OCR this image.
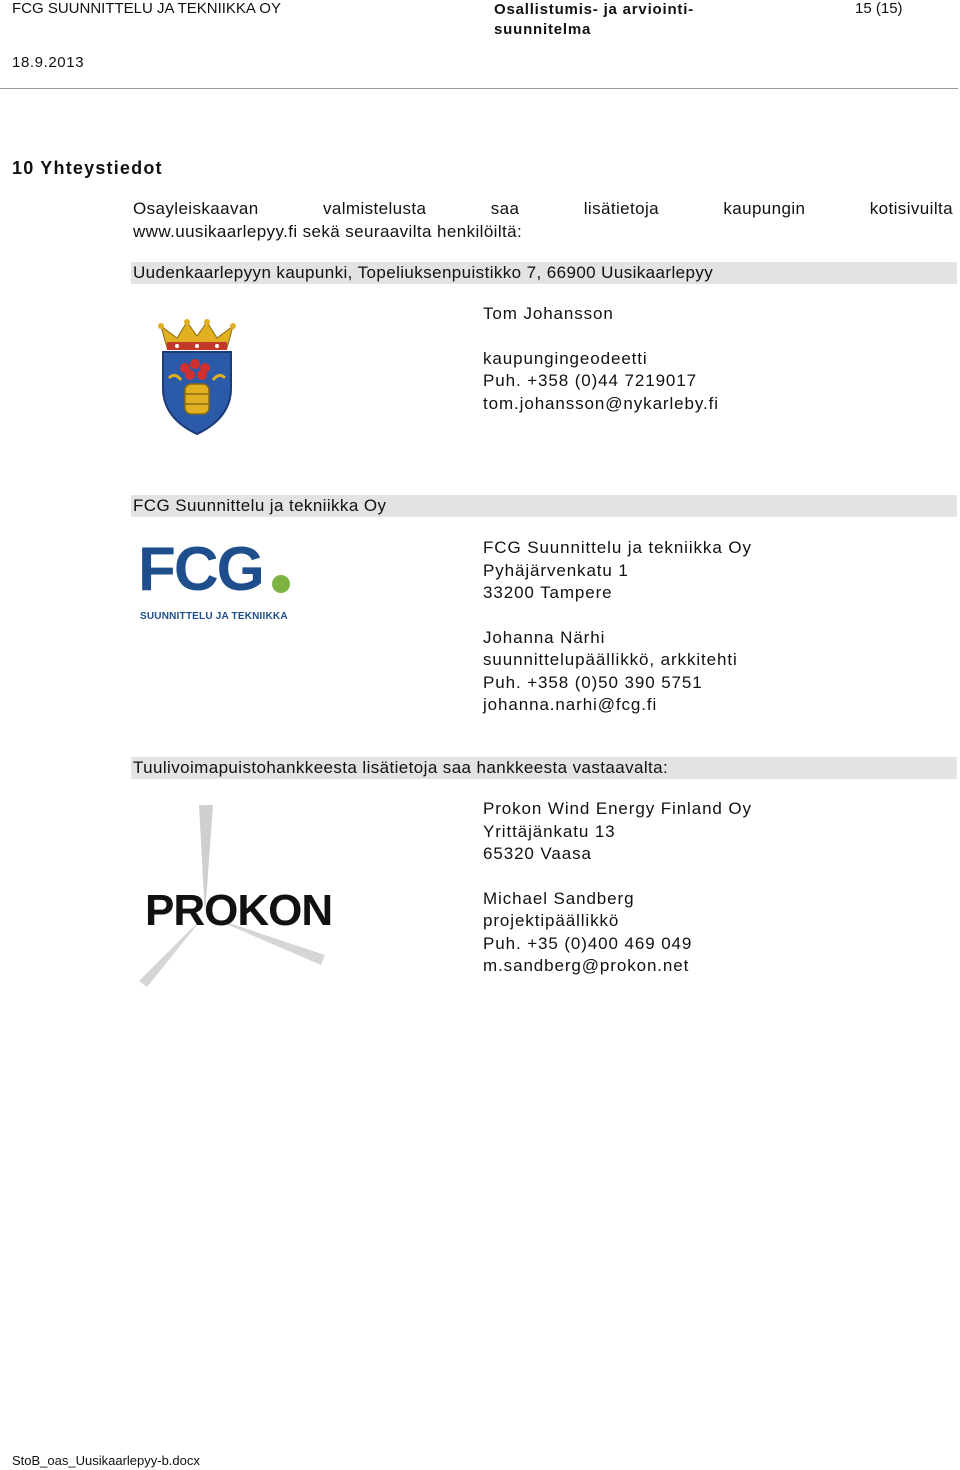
FCG SUUNNITTELU JA TEKNIIKKA OY	Osallistumis- ja arviointi-
suunnitelma
15 (15)
18.9.2013
10 Yhteystiedot
Osayleiskaavan	valmistelusta	saa	lisätietoja	kaupungin	kotisivuilta
www.uusikaarlepyy.fi sekä seuraavilta henkilöiltä:
Uudenkaarlepyyn kaupunki, Topeliuksenpuistikko 7, 66900 Uusikaarlepyy
Tom Johansson
kaupungingeodeetti
Puh. +358 (0)44 7219017
tom.johansson@nykarleby.fi
FCG Suunnittelu ja tekniikka Oy
FCG
SUUNNITTELU JA TEKNIIKKA
FCG Suunnittelu ja tekniikka Oy
Pyhäjärvenkatu 1
33200 Tampere
Johanna Närhi
suunnittelupäällikkö, arkkitehti
Puh. +358 (0)50 390 5751
johanna.narhi@fcg.fi
Tuulivoimapuistohankkeesta lisätietoja saa hankkeesta vastaavalta:
PROKON
Prokon Wind Energy Finland Oy
Yrittäjänkatu 13
65320 Vaasa
Michael Sandberg
projektipäällikkö
Puh. +35 (0)400 469 049
m.sandberg@prokon.net
StoB_oas_Uusikaarlepyy-b.docx
